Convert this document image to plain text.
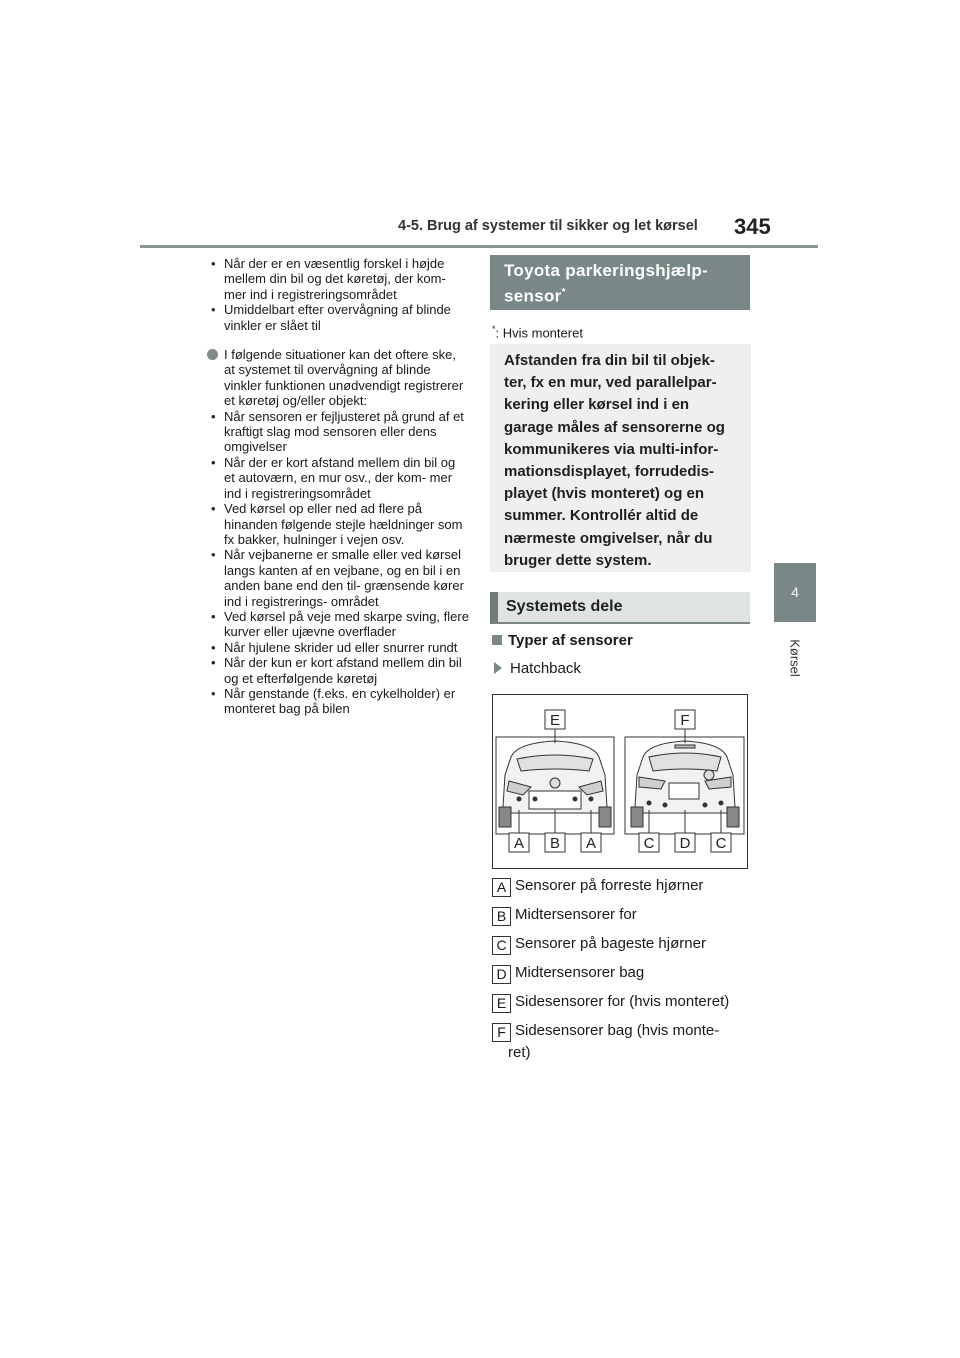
4-5. Brug af systemer til sikker og let kørsel 345
4
Kørsel
• Når der er en væsentlig forskel i højde mellem din bil og det køretøj, der kom- mer ind i registreringsområdet
• Umiddelbart efter overvågning af blinde vinkler er slået til
I følgende situationer kan det oftere ske, at systemet til overvågning af blinde vinkler funktionen unødvendigt registrerer et køretøj og/eller objekt:
• Når sensoren er fejljusteret på grund af et kraftigt slag mod sensoren eller dens omgivelser
• Når der er kort afstand mellem din bil og et autoværn, en mur osv., der kom- mer ind i registreringsområdet
• Ved kørsel op eller ned ad flere på hinanden følgende stejle hældninger som fx bakker, hulninger i vejen osv.
• Når vejbanerne er smalle eller ved kørsel langs kanten af en vejbane, og en bil i en anden bane end den til- grænsende kører ind i registrerings- området
• Ved kørsel på veje med skarpe sving, flere kurver eller ujævne overflader
• Når hjulene skrider ud eller snurrer rundt
• Når der kun er kort afstand mellem din bil og et efterfølgende køretøj
• Når genstande (f.eks. en cykelholder) er monteret bag på bilen
Toyota parkeringshjælp-
sensor*
*: Hvis monteret
Afstanden fra din bil til objek- ter, fx en mur, ved parallelpar- kering eller kørsel ind i en garage måles af sensorerne og kommunikeres via multi-infor- mationsdisplayet, forrudedis- playet (hvis monteret) og en summer. Kontrollér altid de nærmeste omgivelser, når du bruger dette system.
Systemets dele
Typer af sensorer
Hatchback
E	F
A B A	C D C
A Sensorer på forreste hjørner
B Midtersensorer for
C Sensorer på bageste hjørner
D Midtersensorer bag
E Sidesensorer for (hvis monteret)
F Sidesensorer bag (hvis monte-
ret)
